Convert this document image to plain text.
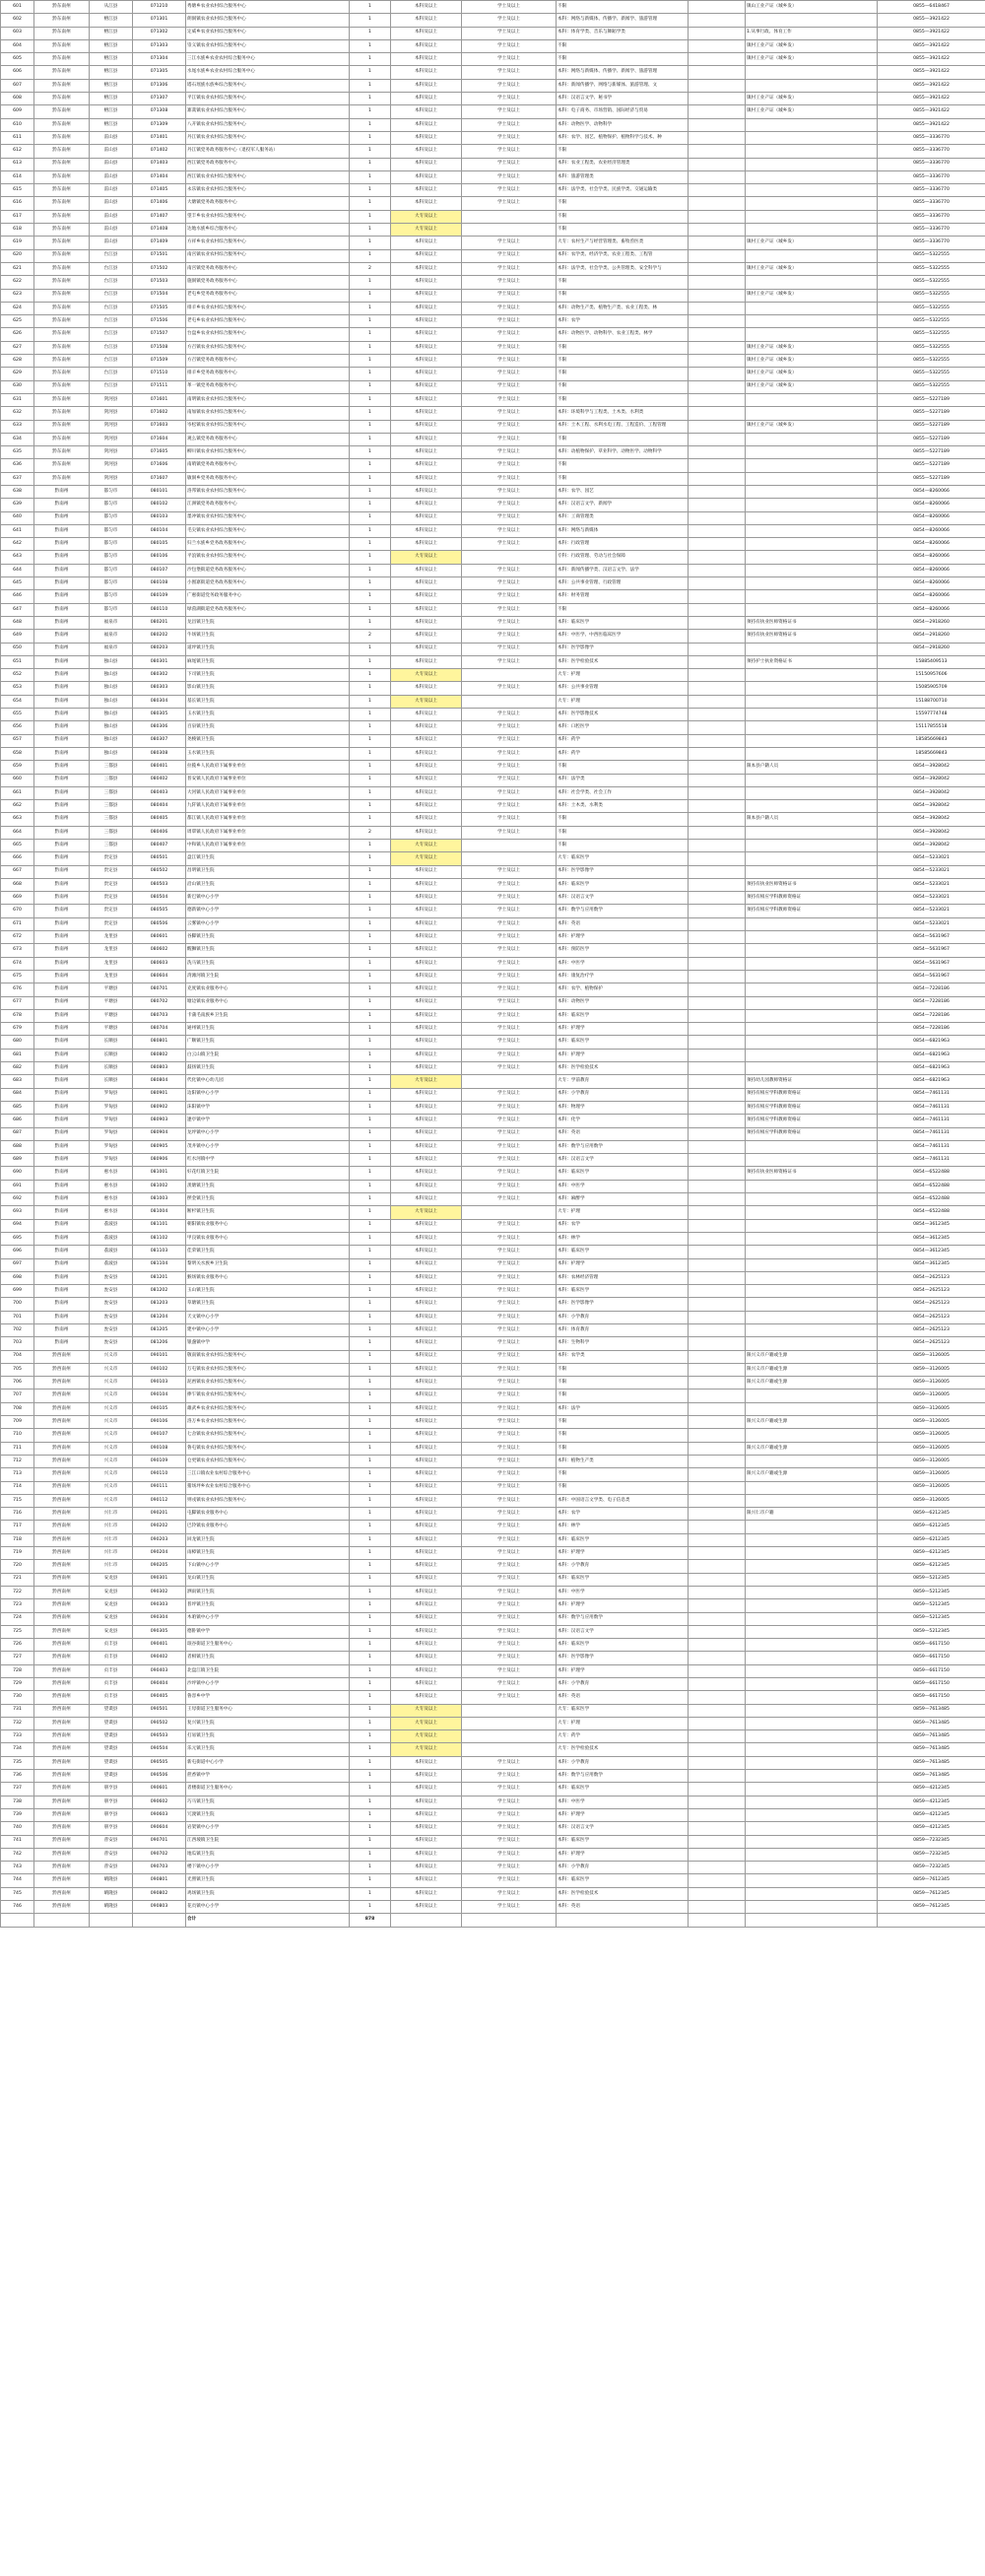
601	黔东南州	从江县	071210	秀塘乡农业农村综合服务中心	1	本科及以上	学士及以上	不限		镇山工业产证（城乡发）	0855—6418467
602	黔东南州	榕江县	071301	朗洞镇农业农村综合服务中心	1	本科及以上	学士及以上	本科：网络与新媒体、传播学、新闻学、旅游管理			0855—3921422
603	黔东南州	榕江县	071302	定威乡农业农村综合服务中心	1	本科及以上	学士及以上	本科：体育学类、音乐与舞蹈学类		1.从事行政、体育工作	0855—3921422
604	黔东南州	榕江县	071303	崇义镇农业农村综合服务中心	1	本科及以上	学士及以上	不限		镇村工业产证（城乡发）	0855—3921422
605	黔东南州	榕江县	071304	三江水族乡农业农村综合服务中心	1	本科及以上	学士及以上	不限		镇村工业产证（城乡发）	0855—3921422
606	黔东南州	榕江县	071305	水尾水族乡农业农村综合服务中心	1	本科及以上	学士及以上	本科：网络与新媒体、传播学、新闻学、旅游管理			0855—3921422
607	黔东南州	榕江县	071306	塔石瑶族水族乡综合服务中心	1	本科及以上	学士及以上	本科：新闻传播学、网络与新媒体、旅游管理、文			0855—3921422
608	黔东南州	榕江县	071307	平江镇农业农村综合服务中心	1	本科及以上	学士及以上	本科：汉语言文学、秘书学		镇村工业产证（城乡发）	0855—3921422
609	黔东南州	榕江县	071308	寨蒿镇农业农村综合服务中心	1	本科及以上	学士及以上	本科：电子商务、市场营销、国际经济与贸易		镇村工业产证（城乡发）	0855—3921422
610	黔东南州	榕江县	071309	八开镇农业农村综合服务中心	1	本科及以上	学士及以上	本科：动物医学、动物科学			0855—3921422
611	黔东南州	雷山县	071401	丹江镇农业农村综合服务中心	1	本科及以上	学士及以上	本科：农学、园艺、植物保护、植物科学与技术、种			0855—3336770
612	黔东南州	雷山县	071402	丹江镇党务政务服务中心（退役军人服务站）	1	本科及以上	学士及以上	不限			0855—3336770
613	黔东南州	雷山县	071403	西江镇党务政务服务中心	1	本科及以上	学士及以上	本科：农业工程类、农业经济管理类			0855—3336770
614	黔东南州	雷山县	071404	西江镇农业农村综合服务中心	1	本科及以上	学士及以上	本科：旅游管理类			0855—3336770
615	黔东南州	雷山县	071405	永乐镇农业农村综合服务中心	1	本科及以上	学士及以上	本科：法学类、社会学类、民族学类、交通运输类			0855—3336770
616	黔东南州	雷山县	071406	大塘镇党务政务服务中心	1	本科及以上	学士及以上	不限			0855—3336770
617	黔东南州	雷山县	071407	望丰乡农业农村综合服务中心	1	大专及以上		不限			0855—3336770
618	黔东南州	雷山县	071408	达地水族乡综合服务中心	1	大专及以上		不限			0855—3336770
619	黔东南州	雷山县	071409	方祥乡农业农村综合服务中心	1	本科及以上	学士及以上	大专：农村生产与经营管理类、畜牧兽医类		镇村工业产证（城乡发）	0855—3336770
620	黔东南州	台江县	071501	南宫镇农业农村综合服务中心	1	本科及以上	学士及以上	本科：农学类、经济学类、农业工程类、工程管			0855—5322555
621	黔东南州	台江县	071502	南宫镇党务政务服务中心	2	本科及以上	学士及以上	本科：法学类、社会学类、公共管理类、安全科学与		镇村工业产证（城乡发）	0855—5322555
622	黔东南州	台江县	071503	施洞镇党务政务服务中心	1	本科及以上	学士及以上	不限			0855—5322555
623	黔东南州	台江县	071504	老屯乡党务政务服务中心	1	本科及以上	学士及以上	不限		镇村工业产证（城乡发）	0855—5322555
624	黔东南州	台江县	071505	排羊乡农业农村综合服务中心	1	本科及以上	学士及以上	本科：动物生产类、植物生产类、农业工程类、林			0855—5322555
625	黔东南州	台江县	071506	老屯乡农业农村综合服务中心	1	本科及以上	学士及以上	本科：农学			0855—5322555
626	黔东南州	台江县	071507	台盘乡农业农村综合服务中心	1	本科及以上	学士及以上	本科：动物医学、动物科学、农业工程类、林学			0855—5322555
627	黔东南州	台江县	071508	方召镇农业农村综合服务中心	1	本科及以上	学士及以上	不限		镇村工业产证（城乡发）	0855—5322555
628	黔东南州	台江县	071509	方召镇党务政务服务中心	1	本科及以上	学士及以上	不限		镇村工业产证（城乡发）	0855—5322555
629	黔东南州	台江县	071510	排羊乡党务政务服务中心	1	本科及以上	学士及以上	不限		镇村工业产证（城乡发）	0855—5322555
630	黔东南州	台江县	071511	革一镇党务政务服务中心	1	本科及以上	学士及以上	不限		镇村工业产证（城乡发）	0855—5322555
631	黔东南州	剑河县	071601	南明镇农业农村综合服务中心	1	本科及以上	学士及以上	不限			0855—5227189
632	黔东南州	剑河县	071602	南加镇农业农村综合服务中心	1	本科及以上	学士及以上	本科：环境科学与工程类、土木类、水利类			0855—5227189
633	黔东南州	剑河县	071603	岑松镇农业农村综合服务中心	1	本科及以上	学士及以上	本科：土木工程、水利水电工程、工程造价、工程管理		镇村工业产证（城乡发）	0855—5227189
634	黔东南州	剑河县	071604	观么镇党务政务服务中心	1	本科及以上	学士及以上	不限			0855—5227189
635	黔东南州	剑河县	071605	柳川镇农业农村综合服务中心	1	本科及以上	学士及以上	本科：动植物保护、草业科学、动物医学、动物科学			0855—5227189
636	黔东南州	剑河县	071606	南哨镇党务政务服务中心	1	本科及以上	学士及以上	不限			0855—5227189
637	黔东南州	剑河县	071607	敏洞乡党务政务服务中心	1	本科及以上	学士及以上	不限			0855—5227189
638	黔南州	都匀市	080101	洛邦镇农业农村综合服务中心	1	本科及以上	学士及以上	本科：农学、园艺			0854—8260066
639	黔南州	都匀市	080102	江洲镇党务政务服务中心	1	本科及以上	学士及以上	本科：汉语言文学、新闻学			0854—8260066
640	黔南州	都匀市	080103	墨冲镇农业农村综合服务中心	1	本科及以上	学士及以上	本科：工商管理类			0854—8260066
641	黔南州	都匀市	080104	毛尖镇农业农村综合服务中心	1	本科及以上	学士及以上	本科：网络与新媒体			0854—8260066
642	黔南州	都匀市	080105	归兰水族乡党务政务服务中心	1	本科及以上	学士及以上	本科：行政管理			0854—8260066
643	黔南州	都匀市	080106	平浪镇农业农村综合服务中心	1	大专及以上		专科：行政管理、劳动与社会保障			0854—8260066
644	黔南州	都匀市	080107	沙包堡街道党务政务服务中心	1	本科及以上	学士及以上	本科：新闻传播学类、汉语言文学、法学			0854—8260066
645	黔南州	都匀市	080108	小围寨街道党务政务服务中心	1	本科及以上	学士及以上	本科：公共事业管理、行政管理			0854—8260066
646	黔南州	都匀市	080109	广惠街道党务政务服务中心	1	本科及以上	学士及以上	本科：财务管理			0854—8260066
647	黔南州	都匀市	080110	绿茵湖街道党务政务服务中心	1	本科及以上	学士及以上	不限			0854—8260066
648	黔南州	福泉市	080201	龙昌镇卫生院	1	本科及以上	学士及以上	本科：临床医学		须持有执业医师资格证书	0854—2918260
649	黔南州	福泉市	080202	牛场镇卫生院	2	本科及以上	学士及以上	本科：中医学、中西医临床医学		须持有执业医师资格证书	0854—2918260
650	黔南州	福泉市	080203	道坪镇卫生院	1	本科及以上	学士及以上	本科：医学影像学			0854—2918260
651	黔南州	独山县	080301	麻尾镇卫生院	1	本科及以上	学士及以上	本科：医学检验技术		须持护士执业资格证书	15885409513
652	黔南州	独山县	080302	下司镇卫生院	1	大专及以上		大专：护理			15150957606
653	黔南州	独山县	080303	影山镇卫生院	1	本科及以上	学士及以上	本科：公共事业管理			15085905709
654	黔南州	独山县	080304	基长镇卫生院	1	大专及以上		大专：护理			15188700710
655	黔南州	独山县	080305	玉水镇卫生院	1	本科及以上	学士及以上	本科：医学影像技术			15597774748
656	黔南州	独山县	080306	百泉镇卫生院	1	本科及以上	学士及以上	本科：口腔医学			15117855518
657	黔南州	独山县	080307	尧梭镇卫生院	1	本科及以上	学士及以上	本科：药学			18585669843
658	黔南州	独山县	080308	玉水镇卫生院	1	本科及以上	学士及以上	本科：药学			18585669843
659	黔南州	三都县	080401	拉揽乡人民政府下属事业单位	1	本科及以上	学士及以上	不限		限本县户籍人员	0854—3928042
660	黔南州	三都县	080402	普安镇人民政府下属事业单位	1	本科及以上	学士及以上	本科：法学类			0854—3928042
661	黔南州	三都县	080403	大河镇人民政府下属事业单位	1	本科及以上	学士及以上	本科：社会学类、社会工作			0854—3928042
662	黔南州	三都县	080404	九阡镇人民政府下属事业单位	1	本科及以上	学士及以上	本科：土木类、水利类			0854—3928042
663	黔南州	三都县	080405	都江镇人民政府下属事业单位	1	本科及以上	学士及以上	不限		限本县户籍人员	0854—3928042
664	黔南州	三都县	080406	周覃镇人民政府下属事业单位	2	本科及以上	学士及以上	不限			0854—3928042
665	黔南州	三都县	080407	中和镇人民政府下属事业单位	1	大专及以上		不限			0854—3928042
666	黔南州	贵定县	080501	盘江镇卫生院	1	大专及以上		大专：临床医学			0854—5233021
667	黔南州	贵定县	080502	昌明镇卫生院	1	本科及以上	学士及以上	本科：医学影像学			0854—5233021
668	黔南州	贵定县	080503	沿山镇卫生院	1	本科及以上	学士及以上	本科：临床医学		须持有执业医师资格证书	0854—5233021
669	黔南州	贵定县	080504	新巴镇中心小学	1	本科及以上	学士及以上	本科：汉语言文学		须持有相应学科教师资格证	0854—5233021
670	黔南州	贵定县	080505	德新镇中心小学	1	本科及以上	学士及以上	本科：数学与应用数学		须持有相应学科教师资格证	0854—5233021
671	黔南州	贵定县	080506	云雾镇中心小学	1	本科及以上	学士及以上	本科：英语			0854—5233021
672	黔南州	龙里县	080601	谷脚镇卫生院	1	本科及以上	学士及以上	本科：护理学			0854—5631967
673	黔南州	龙里县	080602	醒狮镇卫生院	1	本科及以上	学士及以上	本科：预防医学			0854—5631967
674	黔南州	龙里县	080603	洗马镇卫生院	1	本科及以上	学士及以上	本科：中医学			0854—5631967
675	黔南州	龙里县	080604	湾滩河镇卫生院	1	本科及以上	学士及以上	本科：康复治疗学			0854—5631967
676	黔南州	平塘县	080701	克度镇农业服务中心	1	本科及以上	学士及以上	本科：农学、植物保护			0854—7228186
677	黔南州	平塘县	080702	塘边镇农业服务中心	1	本科及以上	学士及以上	本科：动物医学			0854—7228186
678	黔南州	平塘县	080703	卡蒲毛南族乡卫生院	1	本科及以上	学士及以上	本科：临床医学			0854—7228186
679	黔南州	平塘县	080704	通州镇卫生院	1	本科及以上	学士及以上	本科：护理学			0854—7228186
680	黔南州	长顺县	080801	广顺镇卫生院	1	本科及以上	学士及以上	本科：临床医学			0854—6821963
681	黔南州	长顺县	080802	白云山镇卫生院	1	本科及以上	学士及以上	本科：护理学			0854—6821963
682	黔南州	长顺县	080803	鼓扬镇卫生院	1	本科及以上	学士及以上	本科：医学检验技术			0854—6821963
683	黔南州	长顺县	080804	代化镇中心幼儿园	1	大专及以上		大专：学前教育		须持幼儿园教师资格证	0854—6821963
684	黔南州	罗甸县	080901	边阳镇中心小学	1	本科及以上	学士及以上	本科：小学教育		须持有相应学科教师资格证	0854—7461131
685	黔南州	罗甸县	080902	沫阳镇中学	1	本科及以上	学士及以上	本科：物理学		须持有相应学科教师资格证	0854—7461131
686	黔南州	罗甸县	080903	逢亭镇中学	1	本科及以上	学士及以上	本科：化学		须持有相应学科教师资格证	0854—7461131
687	黔南州	罗甸县	080904	龙坪镇中心小学	1	本科及以上	学士及以上	本科：英语		须持有相应学科教师资格证	0854—7461131
688	黔南州	罗甸县	080905	茂井镇中心小学	1	本科及以上	学士及以上	本科：数学与应用数学			0854—7461131
689	黔南州	罗甸县	080906	红水河镇中学	1	本科及以上	学士及以上	本科：汉语言文学			0854—7461131
690	黔南州	惠水县	081001	好花红镇卫生院	1	本科及以上	学士及以上	本科：临床医学		须持有执业医师资格证书	0854—6522488
691	黔南州	惠水县	081002	羡塘镇卫生院	1	本科及以上	学士及以上	本科：中医学			0854—6522488
692	黔南州	惠水县	081003	摆金镇卫生院	1	本科及以上	学士及以上	本科：麻醉学			0854—6522488
693	黔南州	惠水县	081004	断杉镇卫生院	1	大专及以上		大专：护理			0854—6522488
694	黔南州	荔波县	081101	朝阳镇农业服务中心	1	本科及以上	学士及以上	本科：农学			0854—3612345
695	黔南州	荔波县	081102	甲良镇农业服务中心	1	本科及以上	学士及以上	本科：林学			0854—3612345
696	黔南州	荔波县	081103	佳荣镇卫生院	1	本科及以上	学士及以上	本科：临床医学			0854—3612345
697	黔南州	荔波县	081104	黎明关水族乡卫生院	1	本科及以上	学士及以上	本科：护理学			0854—3612345
698	黔南州	瓮安县	081201	猴场镇农业服务中心	1	本科及以上	学士及以上	本科：农林经济管理			0854—2625123
699	黔南州	瓮安县	081202	玉山镇卫生院	1	本科及以上	学士及以上	本科：临床医学			0854—2625123
700	黔南州	瓮安县	081203	草塘镇卫生院	1	本科及以上	学士及以上	本科：医学影像学			0854—2625123
701	黔南州	瓮安县	081204	天文镇中心小学	1	本科及以上	学士及以上	本科：小学教育			0854—2625123
702	黔南州	瓮安县	081205	建中镇中心小学	1	本科及以上	学士及以上	本科：体育教育			0854—2625123
703	黔南州	瓮安县	081206	银盏镇中学	1	本科及以上	学士及以上	本科：生物科学			0854—2625123
704	黔西南州	兴义市	090101	敬南镇农业农村综合服务中心	1	本科及以上	学士及以上	本科：农学类		限兴义市户籍或生源	0859—3126005
705	黔西南州	兴义市	090102	万屯镇农业农村综合服务中心	1	本科及以上	学士及以上	不限		限兴义市户籍或生源	0859—3126005
706	黔西南州	兴义市	090103	泥凼镇农业农村综合服务中心	1	本科及以上	学士及以上	不限		限兴义市户籍或生源	0859—3126005
707	黔西南州	兴义市	090104	捧乍镇农业农村综合服务中心	1	本科及以上	学士及以上	不限			0859—3126005
708	黔西南州	兴义市	090105	雄武乡农业农村综合服务中心	1	本科及以上	学士及以上	本科：法学			0859—3126005
709	黔西南州	兴义市	090106	洛万乡农业农村综合服务中心	1	本科及以上	学士及以上	不限		限兴义市户籍或生源	0859—3126005
710	黔西南州	兴义市	090107	七舍镇农业农村综合服务中心	1	本科及以上	学士及以上	不限			0859—3126005
711	黔西南州	兴义市	090108	鲁屯镇农业农村综合服务中心	1	本科及以上	学士及以上	不限		限兴义市户籍或生源	0859—3126005
712	黔西南州	兴义市	090109	仓更镇农业农村综合服务中心	1	本科及以上	学士及以上	本科：植物生产类			0859—3126005
713	黔西南州	兴义市	090110	三江口镇农业农村综合服务中心	1	本科及以上	学士及以上	不限		限兴义市户籍或生源	0859—3126005
714	黔西南州	兴义市	090111	猪场坪乡农业农村综合服务中心	1	本科及以上	学士及以上	不限			0859—3126005
715	黔西南州	兴义市	090112	则戎镇农业农村综合服务中心	1	本科及以上	学士及以上	本科：中国语言文学类、电子信息类			0859—3126005
716	黔西南州	兴仁市	090201	屯脚镇农业服务中心	1	本科及以上	学士及以上	本科：农学		限兴仁市户籍	0859—6212345
717	黔西南州	兴仁市	090202	巴铃镇农业服务中心	1	本科及以上	学士及以上	本科：林学			0859—6212345
718	黔西南州	兴仁市	090203	回龙镇卫生院	1	本科及以上	学士及以上	本科：临床医学			0859—6212345
719	黔西南州	兴仁市	090204	雨樟镇卫生院	1	本科及以上	学士及以上	本科：护理学			0859—6212345
720	黔西南州	兴仁市	090205	下山镇中心小学	1	本科及以上	学士及以上	本科：小学教育			0859—6212345
721	黔西南州	安龙县	090301	龙山镇卫生院	1	本科及以上	学士及以上	本科：临床医学			0859—5212345
722	黔西南州	安龙县	090302	洒雨镇卫生院	1	本科及以上	学士及以上	本科：中医学			0859—5212345
723	黔西南州	安龙县	090303	普坪镇卫生院	1	本科及以上	学士及以上	本科：护理学			0859—5212345
724	黔西南州	安龙县	090304	木咱镇中心小学	1	本科及以上	学士及以上	本科：数学与应用数学			0859—5212345
725	黔西南州	安龙县	090305	德卧镇中学	1	本科及以上	学士及以上	本科：汉语言文学			0859—5212345
726	黔西南州	贞丰县	090401	珉谷街道卫生服务中心	1	本科及以上	学士及以上	本科：临床医学			0859—6617150
727	黔西南州	贞丰县	090402	者相镇卫生院	1	本科及以上	学士及以上	本科：医学影像学			0859—6617150
728	黔西南州	贞丰县	090403	北盘江镇卫生院	1	本科及以上	学士及以上	本科：护理学			0859—6617150
729	黔西南州	贞丰县	090404	沙坪镇中心小学	1	本科及以上	学士及以上	本科：小学教育			0859—6617150
730	黔西南州	贞丰县	090405	鲁容乡中学	1	本科及以上	学士及以上	本科：英语			0859—6617150
731	黔西南州	望谟县	090501	王母街道卫生服务中心	1	大专及以上		大专：临床医学			0859—7613485
732	黔西南州	望谟县	090502	复兴镇卫生院	1	大专及以上		大专：护理			0859—7613485
733	黔西南州	望谟县	090503	打易镇卫生院	1	大专及以上		大专：药学			0859—7613485
734	黔西南州	望谟县	090504	乐元镇卫生院	1	大专及以上		大专：医学检验技术			0859—7613485
735	黔西南州	望谟县	090505	新屯街道中心小学	1	本科及以上	学士及以上	本科：小学教育			0859—7613485
736	黔西南州	望谟县	090506	蔗香镇中学	1	本科及以上	学士及以上	本科：数学与应用数学			0859—7613485
737	黔西南州	册亨县	090601	者楼街道卫生服务中心	1	本科及以上	学士及以上	本科：临床医学			0859—4212345
738	黔西南州	册亨县	090602	巧马镇卫生院	1	本科及以上	学士及以上	本科：中医学			0859—4212345
739	黔西南州	册亨县	090603	冗渡镇卫生院	1	本科及以上	学士及以上	本科：护理学			0859—4212345
740	黔西南州	册亨县	090604	岩架镇中心小学	1	本科及以上	学士及以上	本科：汉语言文学			0859—4212345
741	黔西南州	普安县	090701	江西坡镇卫生院	1	本科及以上	学士及以上	本科：临床医学			0859—7232345
742	黔西南州	普安县	090702	地瓜镇卫生院	1	本科及以上	学士及以上	本科：护理学			0859—7232345
743	黔西南州	普安县	090703	楼下镇中心小学	1	本科及以上	学士及以上	本科：小学教育			0859—7232345
744	黔西南州	晴隆县	090801	光照镇卫生院	1	本科及以上	学士及以上	本科：临床医学			0859—7612345
745	黔西南州	晴隆县	090802	鸡场镇卫生院	1	本科及以上	学士及以上	本科：医学检验技术			0859—7612345
746	黔西南州	晴隆县	090803	花贡镇中心小学	1	本科及以上	学士及以上	本科：英语			0859—7612345
				合计	878						
